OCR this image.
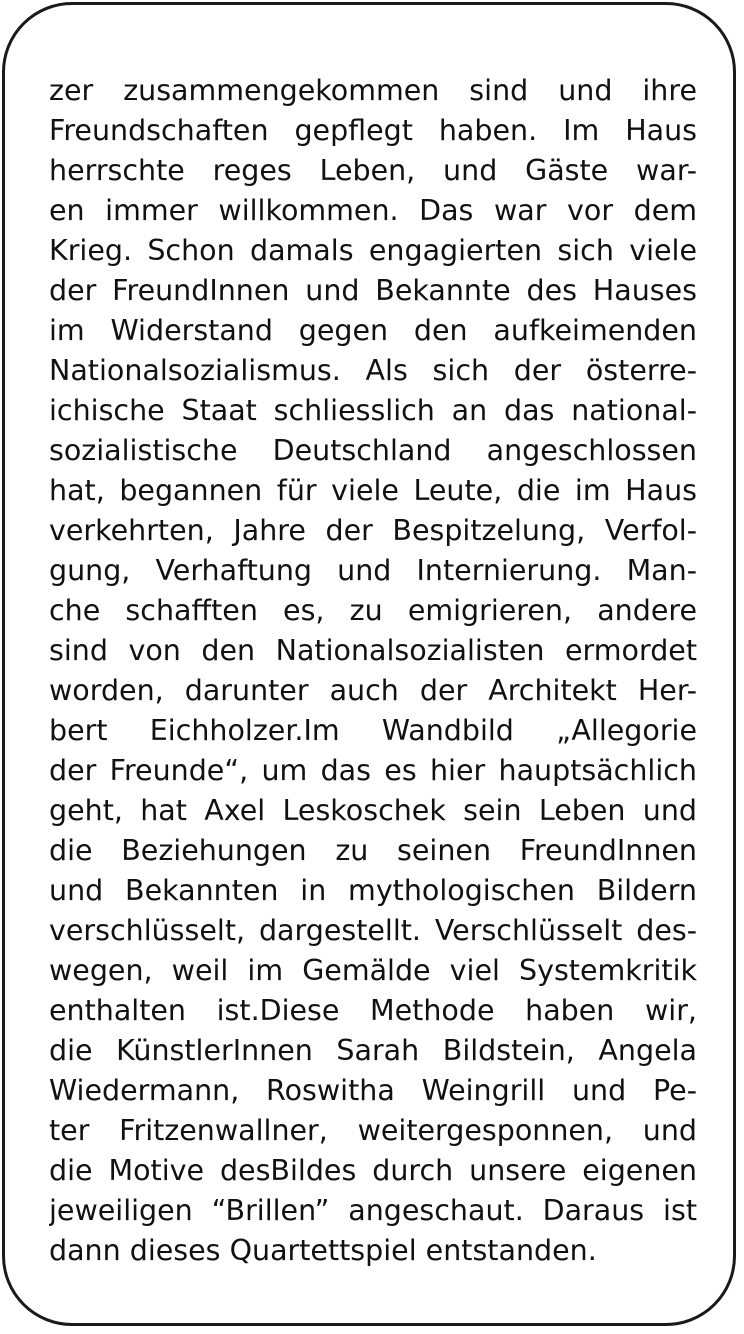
zer zusammengekommen sind und ihre
Freundschaften gepflegt haben. Im Haus
herrschte reges Leben, und Gäste war-
en immer willkommen. Das war vor dem
Krieg. Schon damals engagierten sich viele
der FreundInnen und Bekannte des Hauses
im Widerstand gegen den aufkeimenden
Nationalsozialismus. Als sich der österre-
ichische Staat schliesslich an das national-
sozialistische Deutschland angeschlossen
hat, begannen für viele Leute, die im Haus
verkehrten, Jahre der Bespitzelung, Verfol-
gung, Verhaftung und Internierung. Man-
che schafften es, zu emigrieren, andere
sind von den Nationalsozialisten ermordet
worden, darunter auch der Architekt Her-
bert Eichholzer.Im Wandbild „Allegorie
der Freunde“, um das es hier hauptsächlich
geht, hat Axel Leskoschek sein Leben und
die Beziehungen zu seinen FreundInnen
und Bekannten in mythologischen Bildern
verschlüsselt, dargestellt. Verschlüsselt des-
wegen, weil im Gemälde viel Systemkritik
enthalten ist.Diese Methode haben wir,
die KünstlerInnen Sarah Bildstein, Angela
Wiedermann, Roswitha Weingrill und Pe-
ter Fritzenwallner, weitergesponnen, und
die Motive desBildes durch unsere eigenen
jeweiligen “Brillen” angeschaut. Daraus ist
dann dieses Quartettspiel entstanden.
